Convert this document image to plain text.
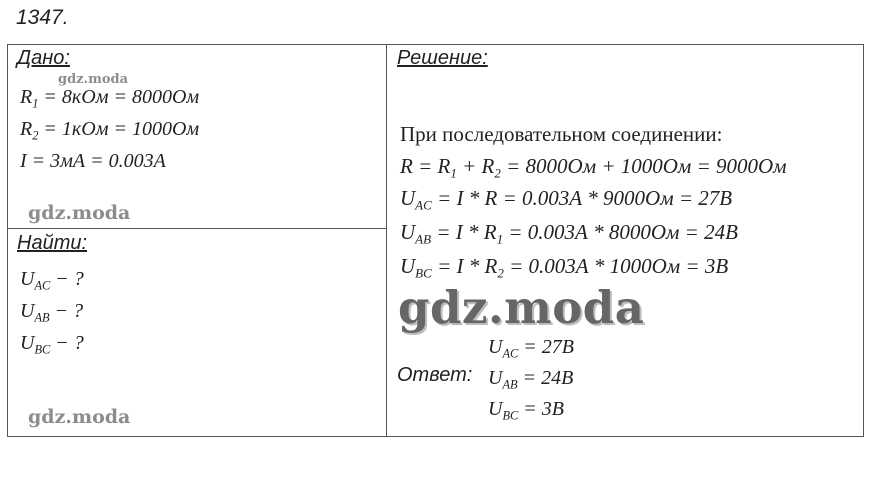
1347.
Дано:
gdz.moda
$R_1 = 8кОм = 8000Ом$
$R_2 = 1кОм = 1000Ом$
I = 3мА = 0.003А
gdz.moda
Найти:
$U_{AC}$ − ?
$U_{AB}$ − ?
$U_{BC}$ − ?
gdz.moda
Решение:
При последовательном соединении:
$R = R_1 + R_2 = 8000Ом + 1000Ом = 9000Ом$
$U_{AC} = I * R = 0.003А * 9000Ом = 27В$
$U_{AB} = I * R_1 = 0.003А * 8000Ом = 24В$
$U_{BC} = I * R_2 = 0.003А * 1000Ом = 3В$
gdz.moda
Ответ:
$U_{AC} = 27В$
$U_{AB} = 24В$
$U_{BC} = 3В$
